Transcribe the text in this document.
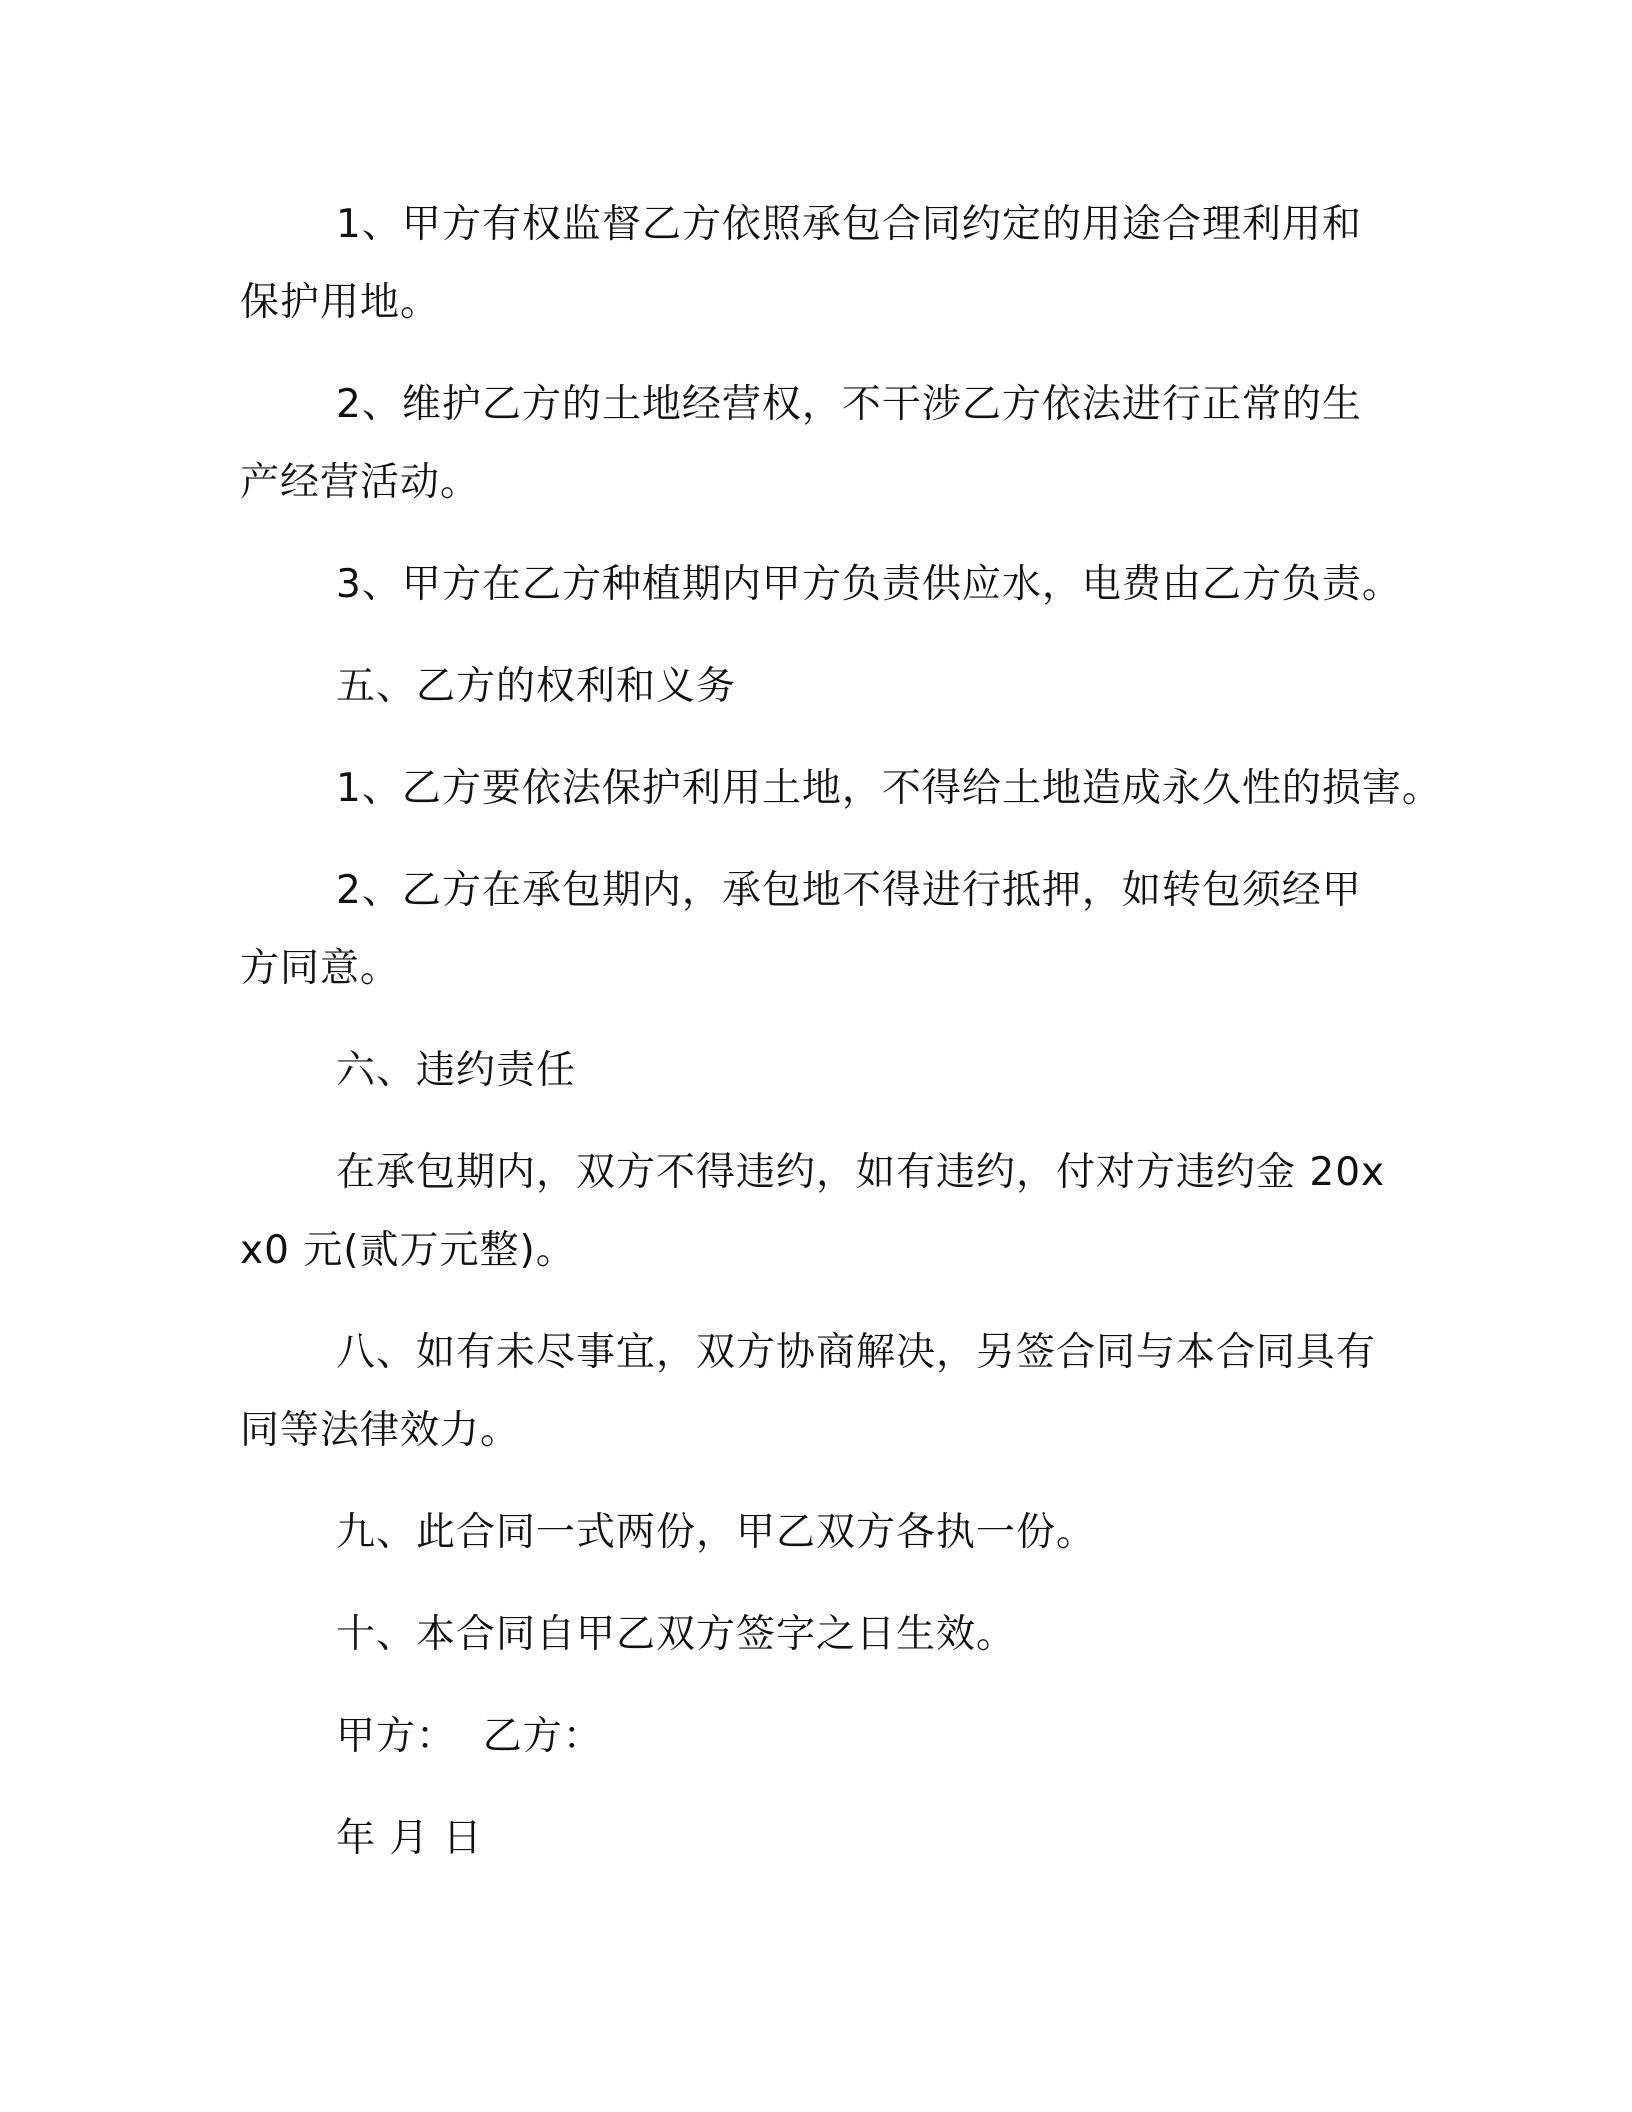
1、甲方有权监督乙方依照承包合同约定的用途合理利用和保护用地。

2、维护乙方的土地经营权，不干涉乙方依法进行正常的生产经营活动。

3、甲方在乙方种植期内甲方负责供应水，电费由乙方负责。

五、乙方的权利和义务

1、乙方要依法保护利用土地，不得给土地造成永久性的损害。

2、乙方在承包期内，承包地不得进行抵押，如转包须经甲方同意。

六、违约责任

在承包期内，双方不得违约，如有违约，付对方违约金 20xx0 元(贰万元整)。

八、如有未尽事宜，双方协商解决，另签合同与本合同具有同等法律效力。

九、此合同一式两份，甲乙双方各执一份。

十、本合同自甲乙双方签字之日生效。

甲方：  乙方：

年 月 日
